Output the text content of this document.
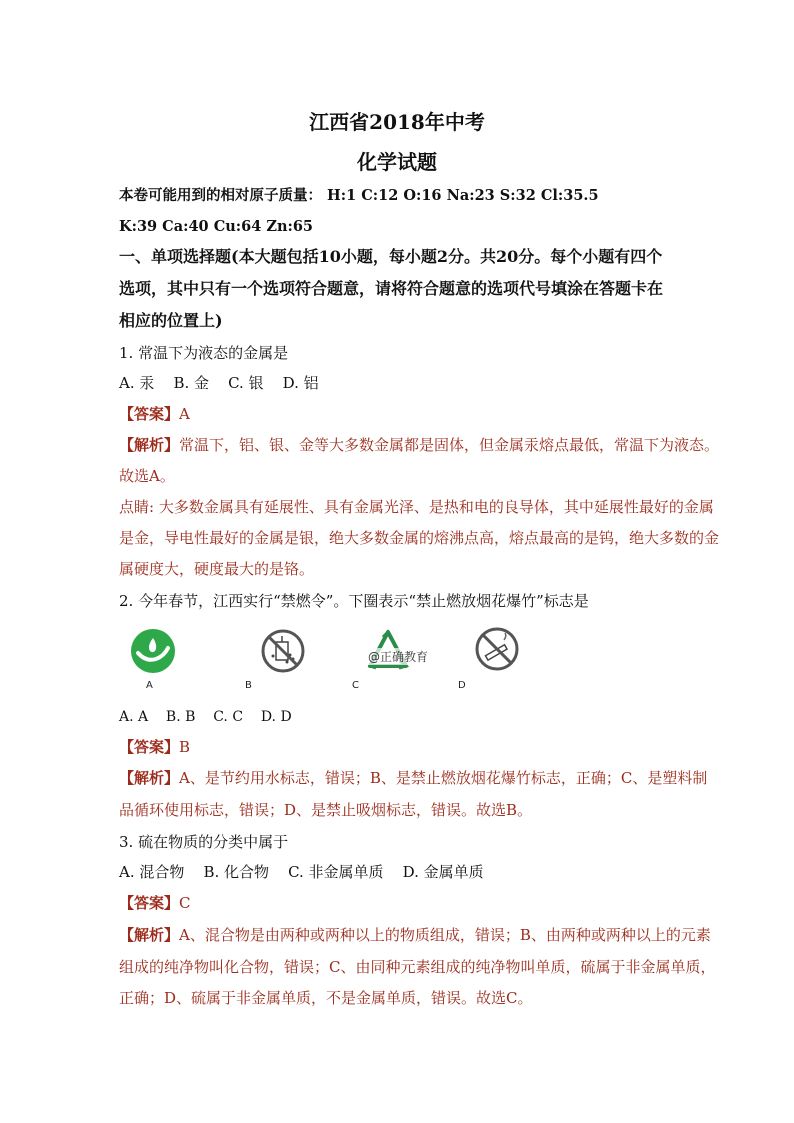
江西省2018年中考
化学试题
本卷可能用到的相对原子质量： H:1 C:12 O:16 Na:23 S:32 Cl:35.5
K:39 Ca:40 Cu:64 Zn:65
一、单项选择题(本大题包括10小题，每小题2分。共20分。每个小题有四个
选项，其中只有一个选项符合题意，请将符合题意的选项代号填涂在答题卡在
相应的位置上)
1. 常温下为液态的金属是
A. 汞    B. 金    C. 银    D. 铝
【答案】A
【解析】常温下，铝、银、金等大多数金属都是固体，但金属汞熔点最低，常温下为液态。
故选A。
点睛: 大多数金属具有延展性、具有金属光泽、是热和电的良导体，其中延展性最好的金属
是金，导电性最好的金属是银，绝大多数金属的熔沸点高，熔点最高的是钨，绝大多数的金
属硬度大，硬度最大的是铬。
2. 今年春节，江西实行“禁燃令”。下圈表示“禁止燃放烟花爆竹”标志是
A	B
@正确教育
C	D
A. A    B. B    C. C    D. D
【答案】B
【解析】A、是节约用水标志，错误；B、是禁止燃放烟花爆竹标志，正确；C、是塑料制
品循环使用标志，错误；D、是禁止吸烟标志，错误。故选B。
3. 硫在物质的分类中属于
A. 混合物    B. 化合物    C. 非金属单质    D. 金属单质
【答案】C
【解析】A、混合物是由两种或两种以上的物质组成，错误；B、由两种或两种以上的元素
组成的纯净物叫化合物，错误；C、由同种元素组成的纯净物叫单质，硫属于非金属单质，
正确；D、硫属于非金属单质，不是金属单质，错误。故选C。
